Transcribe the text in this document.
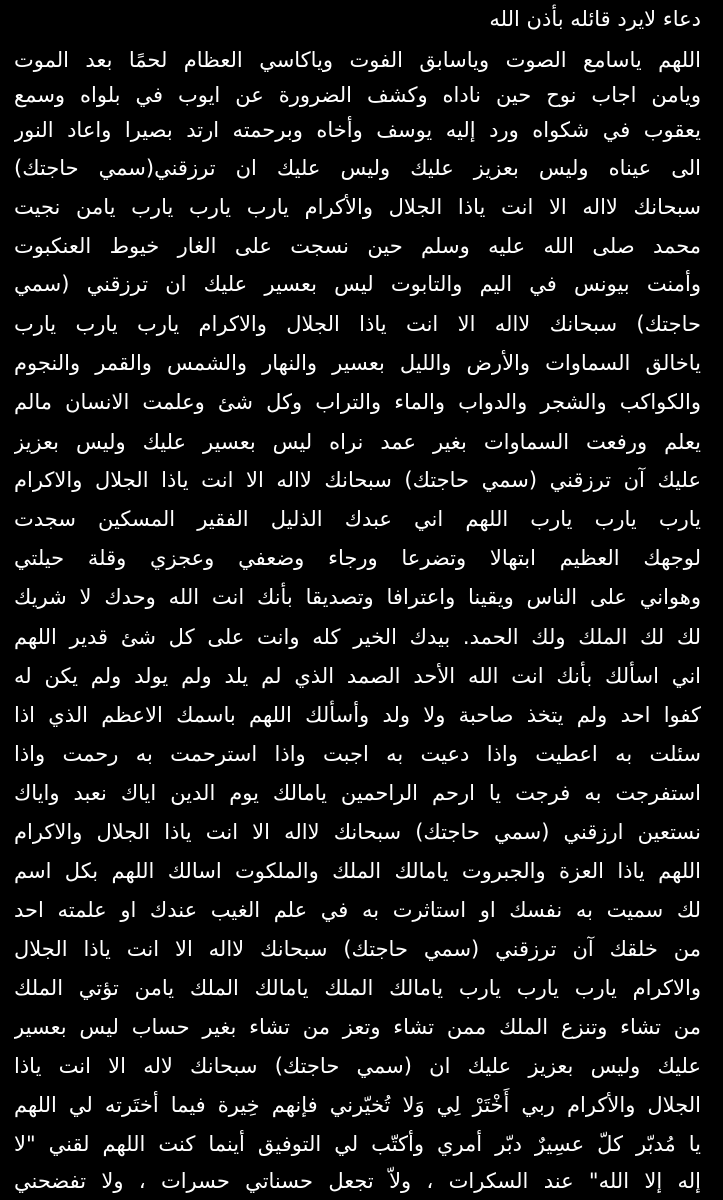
دعاء لايرد قائله بأذن الله
اللهم ياسامع الصوت وياسابق الفوت وياكاسي العظام لحمًا بعد الموت
ويامن اجاب نوح حين ناداه وكشف الضرورة عن ايوب في بلواه وسمع
يعقوب في شكواه ورد إليه يوسف وأخاه وبرحمته ارتد بصيرا واعاد النور
الى عيناه وليس بعزيز عليك وليس عليك ان ترزقني(سمي حاجتك)
سبحانك لااله الا انت ياذا الجلال والأكرام يارب يارب يارب يامن نجيت
محمد صلى الله عليه وسلم حين نسجت على الغار خيوط العنكبوت
وأمنت بيونس في اليم والتابوت ليس بعسير عليك ان ترزقني (سمي
حاجتك) سبحانك لااله الا انت ياذا الجلال والاكرام يارب يارب يارب
ياخالق السماوات والأرض والليل بعسير والنهار والشمس والقمر والنجوم
والكواكب والشجر والدواب والماء والتراب وكل شئ وعلمت الانسان مالم
يعلم ورفعت السماوات بغير عمد نراه ليس بعسير عليك وليس بعزيز
عليك آن ترزقني (سمي حاجتك) سبحانك لااله الا انت ياذا الجلال والاكرام
يارب يارب يارب اللهم اني عبدك الذليل الفقير المسكين سجدت
لوجهك العظيم ابتهالا وتضرعا ورجاء وضعفي وعجزي وقلة حيلتي
وهواني على الناس ويقينا واعترافا وتصديقا بأنك انت الله وحدك لا شريك
لك لك الملك ولك الحمد. بيدك الخير كله وانت على كل شئ قدير اللهم
اني اسألك بأنك انت الله الأحد الصمد الذي لم يلد ولم يولد ولم يكن له
كفوا احد ولم يتخذ صاحبة ولا ولد وأسألك اللهم باسمك الاعظم الذي اذا
سئلت به اعطيت واذا دعيت به اجبت واذا استرحمت به رحمت واذا
استفرجت به فرجت يا ارحم الراحمين يامالك يوم الدين اياك نعبد واياك
نستعين ارزقني (سمي حاجتك) سبحانك لااله الا انت ياذا الجلال والاكرام
اللهم ياذا العزة والجبروت يامالك الملك والملكوت اسالك اللهم بكل اسم
لك سميت به نفسك او استاثرت به في علم الغيب عندك او علمته احد
من خلقك آن ترزقني (سمي حاجتك) سبحانك لااله الا انت ياذا الجلال
والاكرام يارب يارب يارب يامالك الملك يامالك الملك يامن تؤتي الملك
من تشاء وتنزع الملك ممن تشاء وتعز من تشاء بغير حساب ليس بعسير
عليك وليس بعزيز عليك ان (سمي حاجتك) سبحانك لاله الا انت ياذا
الجلال والأكرام ربي أَخْتَرْ لِي وَلا تُخيّرني فإنهم خِيرة فيما أختَرته لي اللهم
يا مُدبّر كلّ عسِيرٌ دبّر أمري وأكتّب لي التوفيق أينما كنت اللهم لقني "لا
إله إلا الله" عند السكرات ، ولاّ تجعل حسناتي حسرات ، ولا تفضحني
